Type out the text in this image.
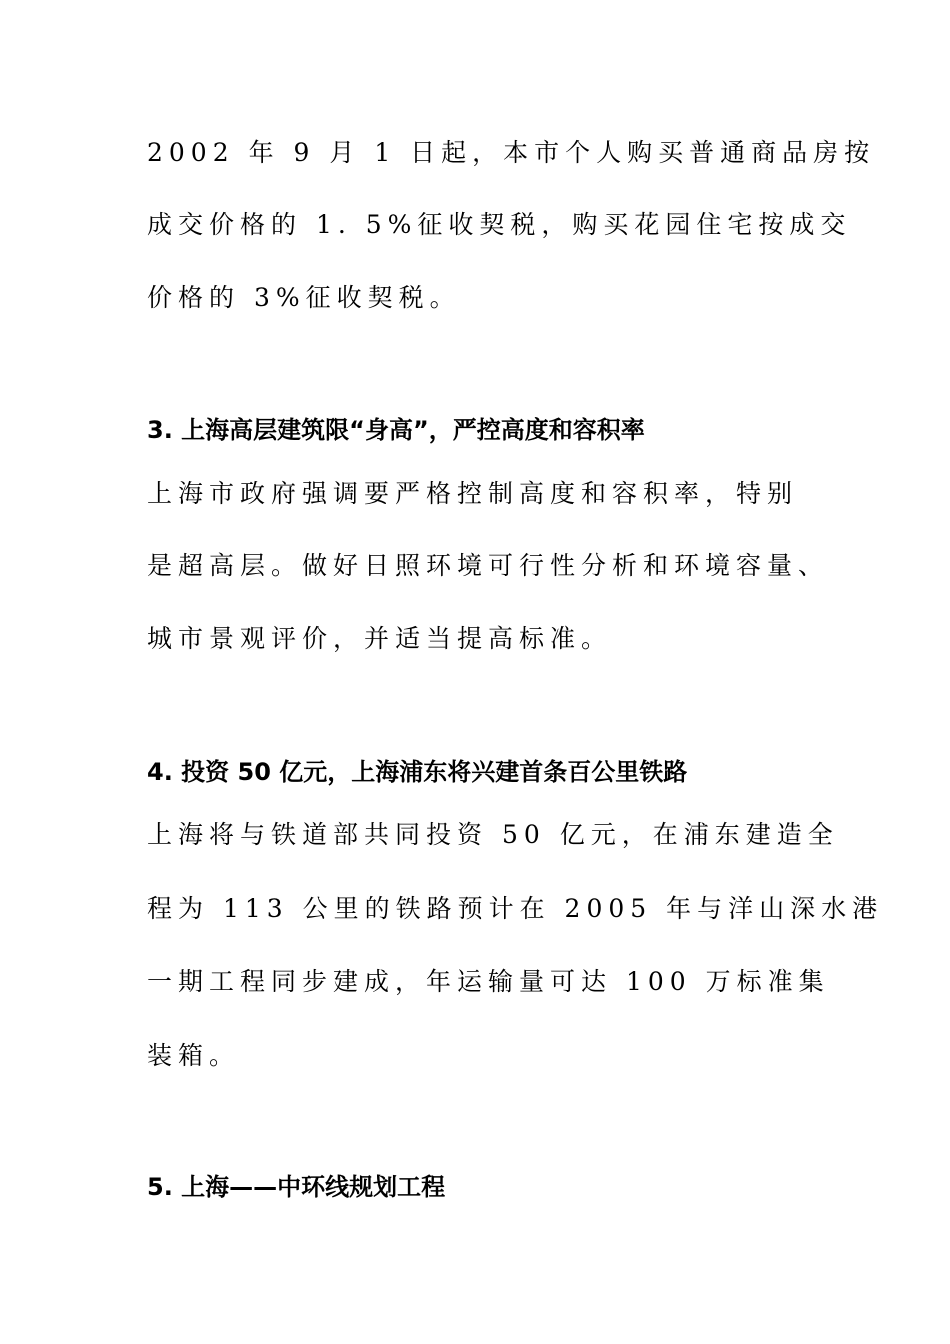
2002 年 9 月 1 日起，本市个人购买普通商品房按
成交价格的 1. 5%征收契税，购买花园住宅按成交
价格的 3%征收契税。
3. 上海高层建筑限“身高”，严控高度和容积率
上海市政府强调要严格控制高度和容积率，特别
是超高层。做好日照环境可行性分析和环境容量、
城市景观评价，并适当提高标准。
4. 投资 50 亿元，上海浦东将兴建首条百公里铁路
上海将与铁道部共同投资 50 亿元，在浦东建造全
程为 113 公里的铁路预计在 2005 年与洋山深水港
一期工程同步建成，年运输量可达 100 万标准集
装箱。
5. 上海——中环线规划工程
